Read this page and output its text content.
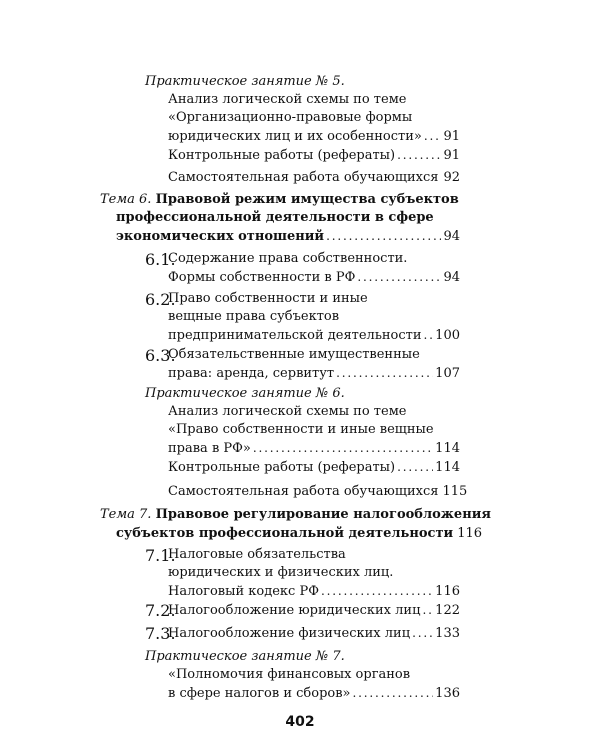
Практическое занятие № 5.
Анализ логической схемы по теме
«Организационно-правовые формы
юридических лиц и их особенности» . . . 91
Контрольные работы (рефераты) . . .	91
Самостоятельная работа обучающихся . . . 92
Тема 6. Правовой режим имущества субъектов
профессиональной деятельности в сфере
экономических отношений . . .	94
6.1.
Содержание права собственности.
Формы собственности в РФ . . .	94
6.2.
Право собственности и иные
вещные права субъектов
предпринимательской деятельности . . . 100
6.3.
Обязательственные имущественные
права: аренда, сервитут . . .	107
Практическое занятие № 6.
Анализ логической схемы по теме
«Право собственности и иные вещные
права в РФ» . . .	114
Контрольные работы (рефераты) . . .	114
Самостоятельная работа обучающихся 115
Тема 7. Правовое регулирование налогообложения
субъектов профессиональной деятельности 116
7.1.
Налоговые обязательства
юридических и физических лиц.
Налоговый кодекс РФ . . .	116
7.2.
Налогообложение юридических лиц . . . 122
7.3.
Налогообложение физических лиц . . . 133
Практическое занятие № 7.
«Полномочия финансовых органов
в сфере налогов и сборов» . . .	136
402
